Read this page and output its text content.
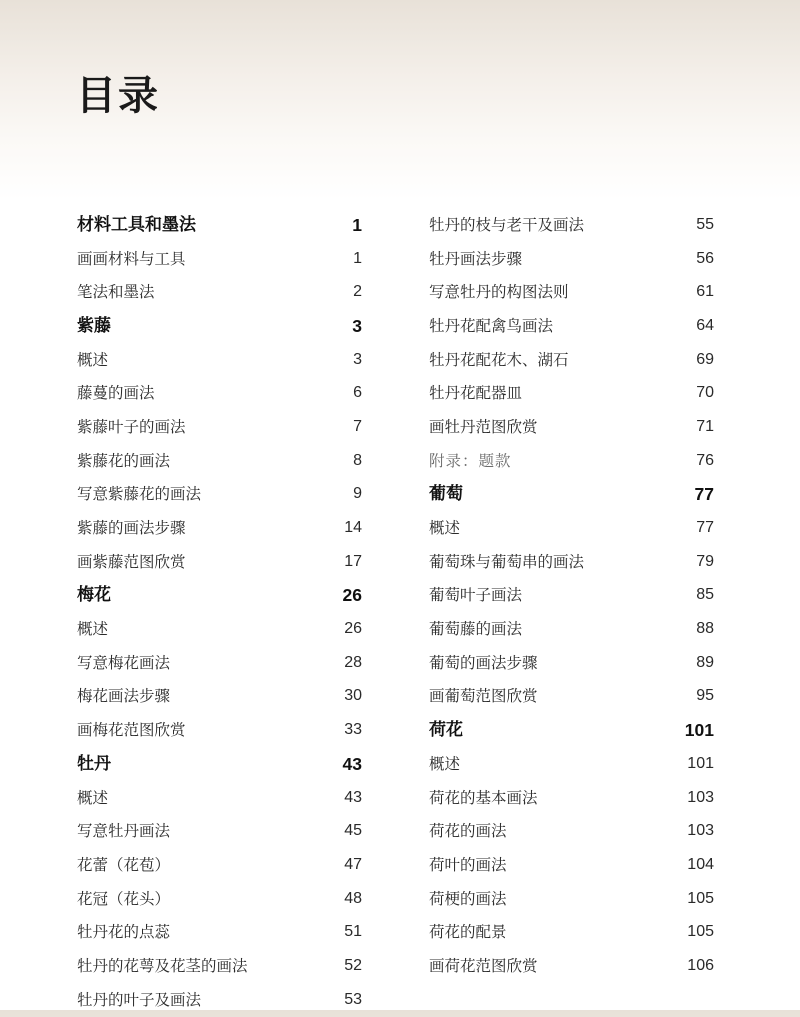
目录
材料工具和墨法	1
画画材料与工具	1
笔法和墨法	2
紫藤	3
概述	3
藤蔓的画法	6
紫藤叶子的画法	7
紫藤花的画法	8
写意紫藤花的画法	9
紫藤的画法步骤	14
画紫藤范图欣赏	17
梅花	26
概述	26
写意梅花画法	28
梅花画法步骤	30
画梅花范图欣赏	33
牡丹	43
概述	43
写意牡丹画法	45
花蕾（花苞）	47
花冠（花头）	48
牡丹花的点蕊	51
牡丹的花萼及花茎的画法	52
牡丹的叶子及画法	53
牡丹的枝与老干及画法	55
牡丹画法步骤	56
写意牡丹的构图法则	61
牡丹花配禽鸟画法	64
牡丹花配花木、湖石	69
牡丹花配器皿	70
画牡丹范图欣赏	71
附录：题款	76
葡萄	77
概述	77
葡萄珠与葡萄串的画法	79
葡萄叶子画法	85
葡萄藤的画法	88
葡萄的画法步骤	89
画葡萄范图欣赏	95
荷花	101
概述	101
荷花的基本画法	103
荷花的画法	103
荷叶的画法	104
荷梗的画法	105
荷花的配景	105
画荷花范图欣赏	106
